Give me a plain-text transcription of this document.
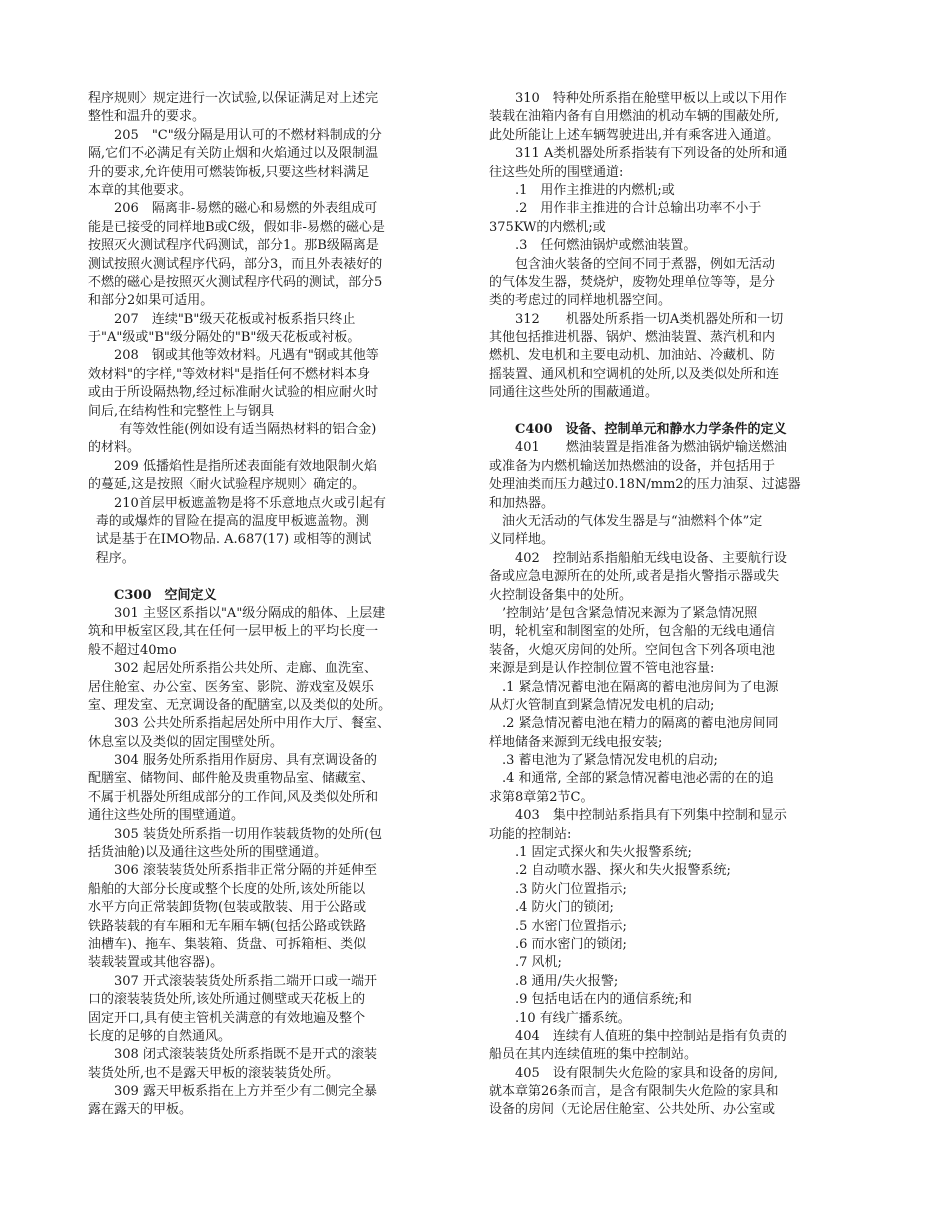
程序规则〉规定进行一次试验,以保证满足对上述完
整性和温升的要求。
205　"C"级分隔是用认可的不燃材料制成的分
隔,它们不必满足有关防止烟和火焰通过以及限制温
升的要求,允许使用可燃装饰板,只要这些材料满足
本章的其他要求。
206　隔离非-易燃的磁心和易燃的外表组成可
能是已接受的同样地B或C级，假如非-易燃的磁心是
按照灭火测试程序代码测试，部分1。那B级隔离是
测试按照火测试程序代码，部分3，而且外表裱好的
不燃的磁心是按照灭火测试程序代码的测试，部分5
和部分2如果可适用。
207　连续"B"级天花板或衬板系指只终止
于"A"级或"B"级分隔处的"B"级天花板或衬板。
208　钢或其他等效材料。凡遇有"钢或其他等
效材料"的字样,"等效材料"是指任何不燃材料本身
或由于所设隔热物,经过标准耐火试验的相应耐火时
间后,在结构性和完整性上与钢具
有等效性能(例如设有适当隔热材料的铝合金)
的材料。
209 低播焰性是指所述表面能有效地限制火焰
的蔓延,这是按照〈耐火试验程序规则〉确定的。
210首层甲板遮盖物是将不乐意地点火或引起有
毒的或爆炸的冒险在提高的温度甲板遮盖物。测
试是基于在IMO物品. A.687(17) 或相等的测试
程序。
C300　空间定义
301 主竖区系指以"A"级分隔成的船体、上层建
筑和甲板室区段,其在任何一层甲板上的平均长度一
般不超过40mo
302 起居处所系指公共处所、走廊、血洗室、
居住舱室、办公室、医务室、影院、游戏室及娱乐
室、理发室、无烹调设备的配膳室,以及类似的处所。
303 公共处所系指起居处所中用作大厅、餐室、
休息室以及类似的固定围壁处所。
304 服务处所系指用作厨房、具有烹调设备的
配膳室、储物间、邮件舱及贵重物品室、储藏室、
不属于机器处所组成部分的工作间,风及类似处所和
通往这些处所的围壁通道。
305 装货处所系指一切用作装载货物的处所(包
括货油舱)以及通往这些处所的围壁通道。
306 滚装装货处所系指非正常分隔的并延伸至
船舶的大部分长度或整个长度的处所,该处所能以
水平方向正常装卸货物(包装或散装、用于公路或
铁路装载的有车厢和无车厢车辆(包括公路或铁路
油槽车)、拖车、集装箱、货盘、可拆箱柜、类似
装载装置或其他容器)。
307 开式滚装装货处所系指二端开口或一端开
口的滚装装货处所,该处所通过侧壁或天花板上的
固定开口,具有使主管机关满意的有效地遍及整个
长度的足够的自然通风。
308 闭式滚装装货处所系指既不是开式的滚装
装货处所,也不是露天甲板的滚装装货处所。
309 露天甲板系指在上方并至少有二侧完全暴
露在露天的甲板。
310　特种处所系指在舱壁甲板以上或以下用作
装载在油箱内备有自用燃油的机动车辆的围蔽处所,
此处所能让上述车辆驾驶进出,并有乘客进入通道。
311 A类机器处所系指装有下列设备的处所和通
往这些处所的围壁通道:
.1　用作主推进的内燃机;或
.2　用作非主推进的合计总输出功率不小于
375KW的内燃机;或
.3　任何燃油锅炉或燃油装置。
包含油火装备的空间不同于煮器，例如无活动
的气体发生器，焚烧炉，废物处理单位等等，是分
类的考虑过的同样地机器空间。
312　　机器处所系指一切A类机器处所和一切
其他包括推进机器、锅炉、燃油装置、蒸汽机和内
燃机、发电机和主要电动机、加油站、冷藏机、防
摇装置、通风机和空调机的处所,以及类似处所和连
同通往这些处所的围蔽通道。
C400　设备、控制单元和静水力学条件的定义
401　　燃油装置是指准备为燃油锅炉输送燃油
或准备为内燃机输送加热燃油的设备，并包括用于
处理油类而压力越过0.18N/mm2的压力油泵、过滤器
和加热器。
油火无活动的气体发生器是与“油燃料个体”定
义同样地。
402　控制站系指船舶无线电设备、主要航行设
备或应急电源所在的处所,或者是指火警指示器或失
火控制设备集中的处所。
’控制站’是包含紧急情况来源为了紧急情况照
明，轮机室和制图室的处所，包含船的无线电通信
装备，火熄灭房间的处所。空间包含下列各项电池
来源是到是认作控制位置不管电池容量:
.1 紧急情况蓄电池在隔离的蓄电池房间为了电源
从灯火管制直到紧急情况发电机的启动;
.2 紧急情况蓄电池在精力的隔离的蓄电池房间同
样地储备来源到无线电报安装;
.3 蓄电池为了紧急情况发电机的启动;
.4 和通常, 全部的紧急情况蓄电池必需的在的追
求第8章第2节C。
403　集中控制站系指具有下列集中控制和显示
功能的控制站:
.1 固定式探火和失火报警系统;
.2 自动喷水器、探火和失火报警系统;
.3 防火门位置指示;
.4 防火门的锁闭;
.5 水密门位置指示;
.6 而水密门的锁闭;
.7 风机;
.8 通用/失火报警;
.9 包括电话在内的通信系统;和
.10 有线广播系统。
404　连续有人值班的集中控制站是指有负责的
船员在其内连续值班的集中控制站。
405　设有限制失火危险的家具和设备的房间,
就本章第26条而言，是含有限制失火危险的家具和
设备的房间（无论居住舱室、公共处所、办公室或
